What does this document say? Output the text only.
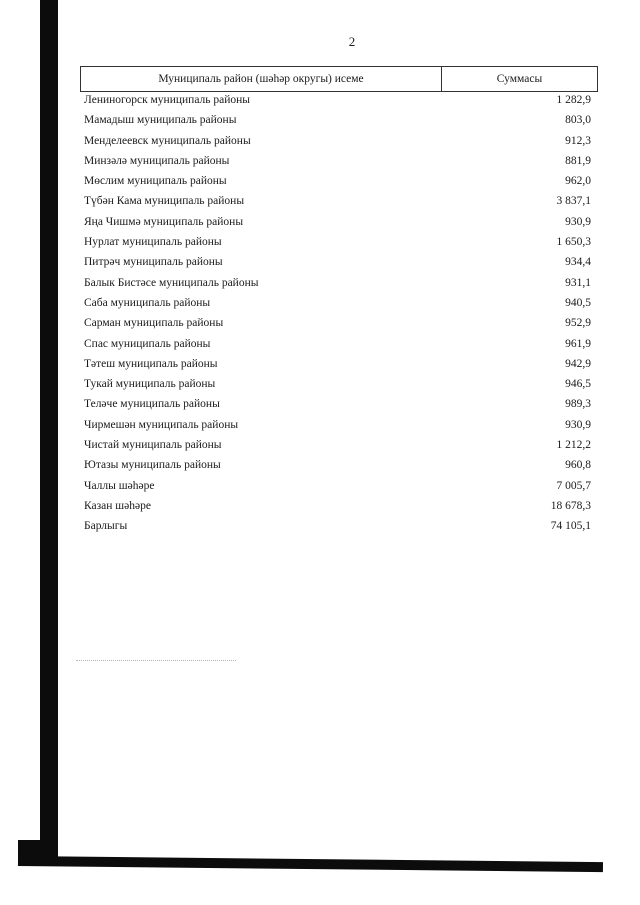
2
Муниципаль район (шәһәр округы) исеме	Суммасы
Лениногорск муниципаль районы	1 282,9
Мамадыш муниципаль районы	803,0
Менделеевск муниципаль районы	912,3
Минзәлә муниципаль районы	881,9
Мөслим муниципаль районы	962,0
Түбән Кама муниципаль районы	3 837,1
Яңа Чишмә муниципаль районы	930,9
Нурлат муниципаль районы	1 650,3
Питрәч муниципаль районы	934,4
Балык Бистәсе муниципаль районы	931,1
Саба муниципаль районы	940,5
Сарман муниципаль районы	952,9
Спас муниципаль районы	961,9
Тәтеш муниципаль районы	942,9
Тукай муниципаль районы	946,5
Теләче муниципаль районы	989,3
Чирмешән муниципаль районы	930,9
Чистай муниципаль районы	1 212,2
Ютазы муниципаль районы	960,8
Чаллы шәһәре	7 005,7
Казан шәһәре	18 678,3
Барлыгы	74 105,1
